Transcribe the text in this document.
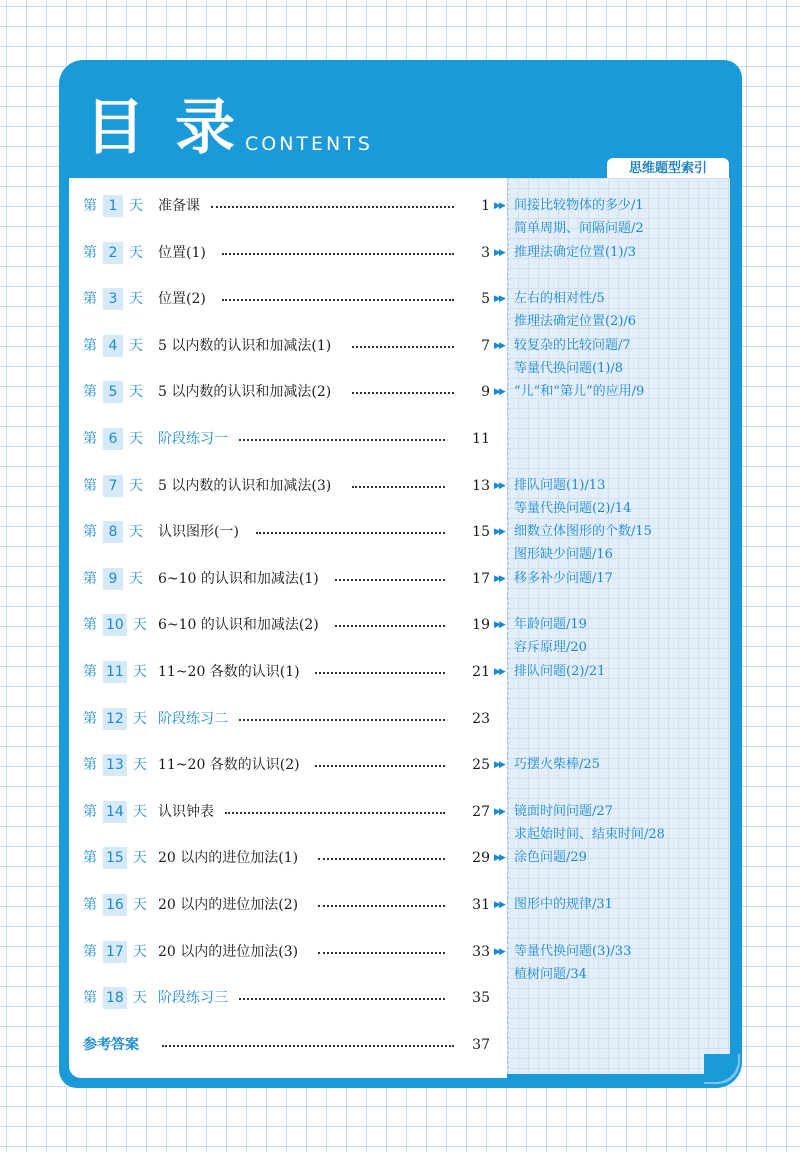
目录
CONTENTS
思维题型索引
第 1 天 准备课	1 ▶▶ 间接比较物体的多少/1
简单周期、间隔问题/2
第 2 天 位置(1)	3 ▶▶ 推理法确定位置(1)/3
第 3 天 位置(2)	5 ▶▶ 左右的相对性/5
推理法确定位置(2)/6
第 4 天 5 以内数的认识和加减法(1)	7 ▶▶ 较复杂的比较问题/7
等量代换问题(1)/8
第 5 天 5 以内数的认识和加减法(2)	9 ▶▶ “儿”和“第儿”的应用/9
第 6 天 阶段练习一	11
第 7 天 5 以内数的认识和加减法(3)	13 ▶▶ 排队问题(1)/13
等量代换问题(2)/14
第 8 天 认识图形(一)	15 ▶▶ 细数立体图形的个数/15
图形缺少问题/16
第 9 天 6~10 的认识和加减法(1)	17 ▶▶ 移多补少问题/17
第 10 天 6~10 的认识和加减法(2)	19 ▶▶ 年龄问题/19
容斥原理/20
第 11 天 11~20 各数的认识(1)	21 ▶▶ 排队问题(2)/21
第 12 天 阶段练习二	23
第 13 天 11~20 各数的认识(2)	25 ▶▶ 巧摆火柴棒/25
第 14 天 认识钟表	27 ▶▶ 镜面时间问题/27
求起始时间、结束时间/28
第 15 天 20 以内的进位加法(1)	29 ▶▶ 涂色问题/29
第 16 天 20 以内的进位加法(2)	31 ▶▶ 图形中的规律/31
第 17 天 20 以内的进位加法(3)	33 ▶▶ 等量代换问题(3)/33
植树问题/34
第 18 天 阶段练习三	35
参考答案	37
